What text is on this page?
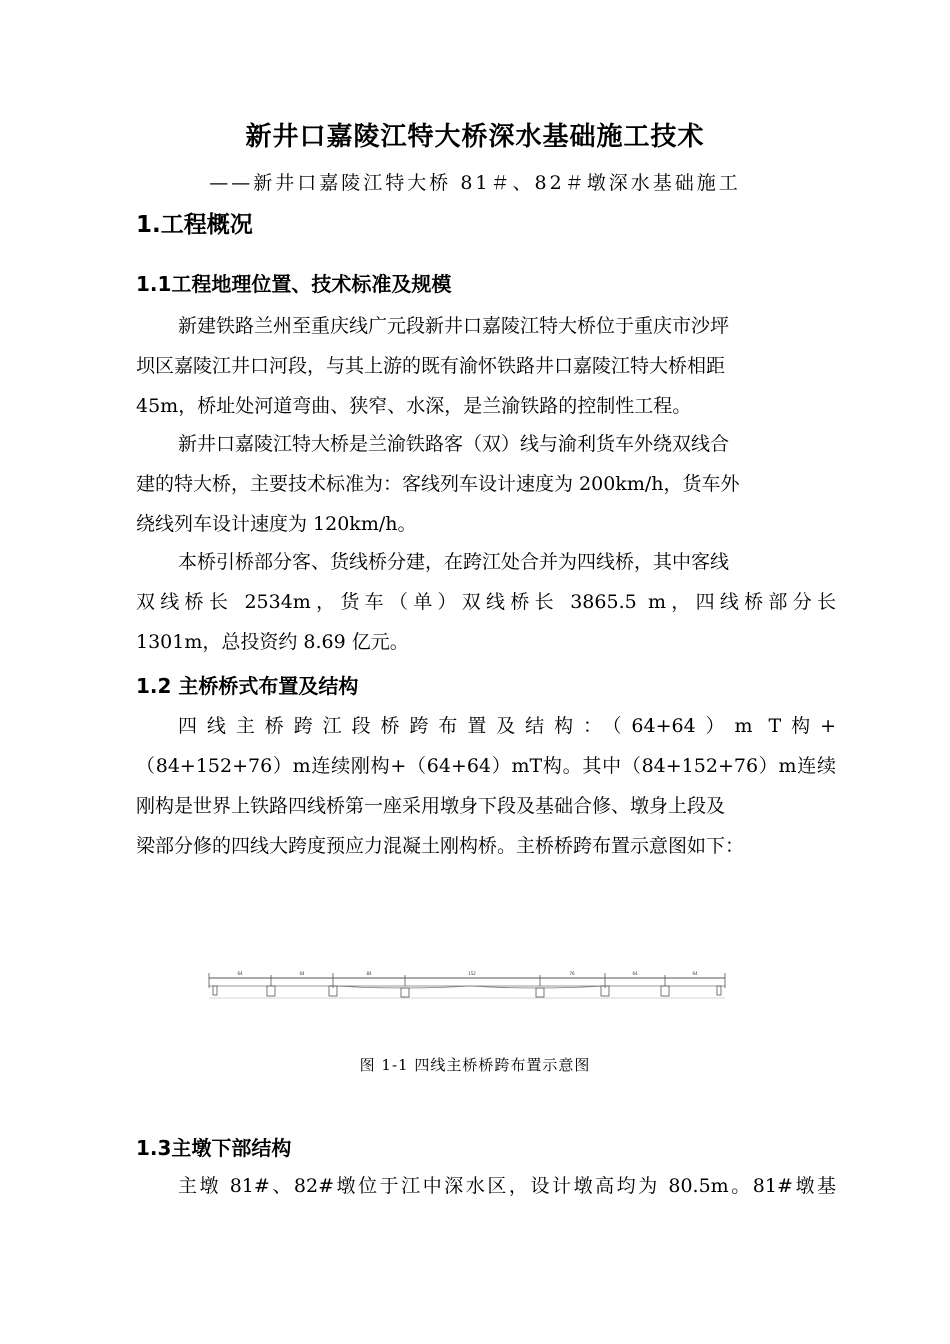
新井口嘉陵江特大桥深水基础施工技术
——新井口嘉陵江特大桥 81＃、82＃墩深水基础施工
1.工程概况
1.1工程地理位置、技术标准及规模

新建铁路兰州至重庆线广元段新井口嘉陵江特大桥位于重庆市沙坪
坝区嘉陵江井口河段，与其上游的既有渝怀铁路井口嘉陵江特大桥相距
45m，桥址处河道弯曲、狭窄、水深，是兰渝铁路的控制性工程。

新井口嘉陵江特大桥是兰渝铁路客（双）线与渝利货车外绕双线合
建的特大桥，主要技术标准为：客线列车设计速度为 200km/h，货车外
绕线列车设计速度为 120km/h。

本桥引桥部分客、货线桥分建，在跨江处合并为四线桥，其中客线
双线桥长 2534m，货车（单）双线桥长 3865.5 m，四线桥部分长
1301m，总投资约 8.69 亿元。

1.2 主桥桥式布置及结构

四线主桥跨江段桥跨布置及结构：（64+64）m T构+
（84+152+76）m连续刚构+（64+64）mT构。其中（84+152+76）m连续
刚构是世界上铁路四线桥第一座采用墩身下段及基础合修、墩身上段及
梁部分修的四线大跨度预应力混凝土刚构桥。主桥桥跨布置示意图如下：

64	64	84	152	76	64	64
图 1-1 四线主桥桥跨布置示意图
1.3主墩下部结构

主墩 81#、82#墩位于江中深水区，设计墩高均为 80.5m。81#墩基
